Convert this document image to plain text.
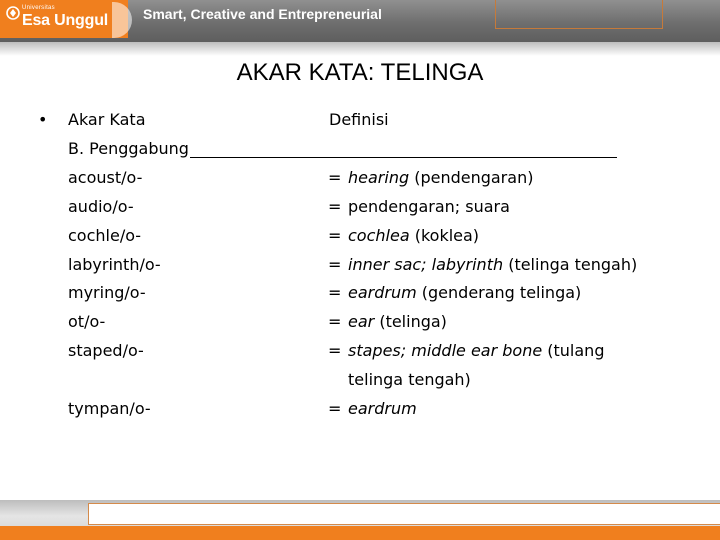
Universitas
Esa Unggul Smart, Creative and Entrepreneurial
AKAR KATA: TELINGA
• Akar Kata	Definisi
B. Penggabung
acoust/o-	= hearing (pendengaran)
audio/o-	= pendengaran; suara
cochle/o-	= cochlea (koklea)
labyrinth/o-	= inner sac; labyrinth (telinga tengah)
myring/o-	= eardrum (genderang telinga)
ot/o-	= ear (telinga)
staped/o-	= stapes; middle ear bone (tulang
telinga tengah)
tympan/o-	= eardrum
